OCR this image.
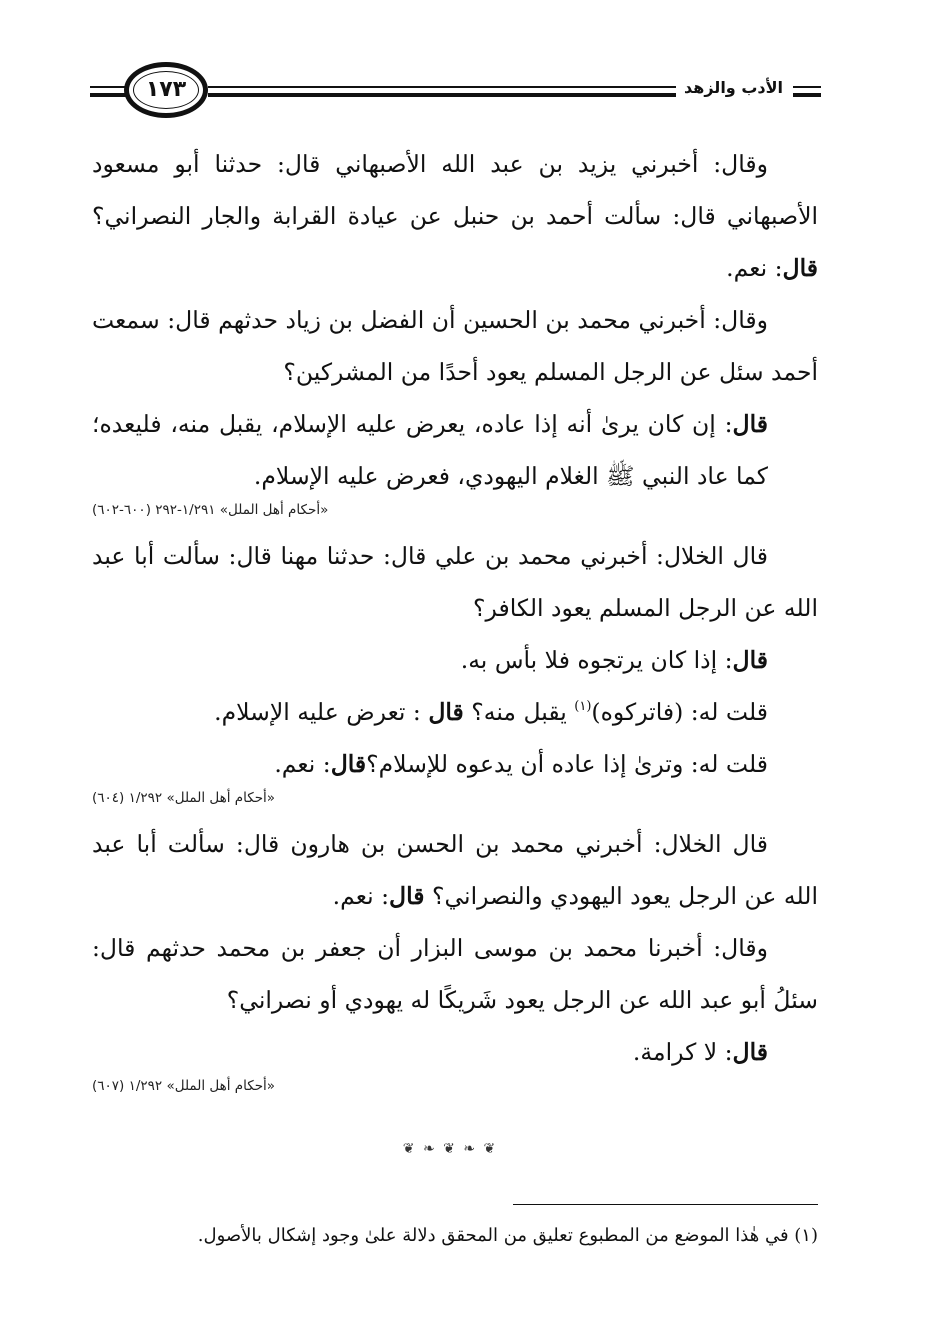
١٧٣	الأدب والزهد

وقال: أخبرني يزيد بن عبد الله الأصبهاني قال: حدثنا أبو مسعود الأصبهاني قال: سألت أحمد بن حنبل عن عيادة القرابة والجار النصراني؟ قال: نعم.

وقال: أخبرني محمد بن الحسين أن الفضل بن زياد حدثهم قال: سمعت أحمد سئل عن الرجل المسلم يعود أحدًا من المشركين؟

قال: إن كان يرىٰ أنه إذا عاده، يعرض عليه الإسلام، يقبل منه، فليعده؛ كما عاد النبي ﷺ الغلام اليهودي، فعرض عليه الإسلام.

«أحكام أهل الملل» ١/٢٩١-٢٩٢ (٦٠٠-٦٠٢)

قال الخلال: أخبرني محمد بن علي قال: حدثنا مهنا قال: سألت أبا عبد الله عن الرجل المسلم يعود الكافر؟

قال: إذا كان يرتجوه فلا بأس به.

قلت له: (فاتركوه)$^{(١)}$ يقبل منه؟ قال : تعرض عليه الإسلام.

قلت له: وترىٰ إذا عاده أن يدعوه للإسلام؟قال: نعم.

«أحكام أهل الملل» ١/٢٩٢ (٦٠٤)

قال الخلال: أخبرني محمد بن الحسن بن هارون قال: سألت أبا عبد الله عن الرجل يعود اليهودي والنصراني؟ قال: نعم.

وقال: أخبرنا محمد بن موسى البزار أن جعفر بن محمد حدثهم قال: سئلُ أبو عبد الله عن الرجل يعود شَريكًا له يهودي أو نصراني؟

قال: لا كرامة.

«أحكام أهل الملل» ١/٢٩٢ (٦٠٧)
❦ ❧ ❦ ❧ ❦
(١) في هٰذا الموضع من المطبوع تعليق من المحقق دلالة علىٰ وجود إشكال بالأصول.
